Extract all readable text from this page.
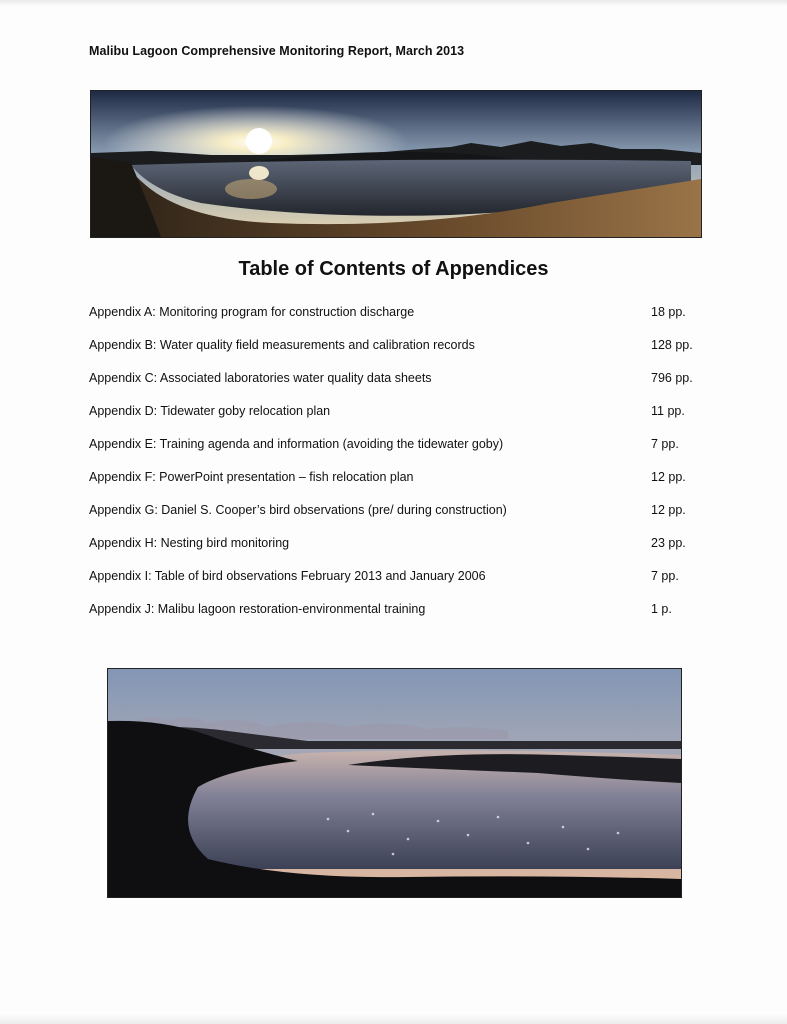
Malibu Lagoon Comprehensive Monitoring Report, March 2013
Table of Contents of Appendices
Appendix A: Monitoring program for construction discharge	18 pp.
Appendix B: Water quality field measurements and calibration records	128 pp.
Appendix C: Associated laboratories water quality data sheets	796 pp.
Appendix D: Tidewater goby relocation plan	11 pp.
Appendix E: Training agenda and information (avoiding the tidewater goby)	7 pp.
Appendix F: PowerPoint presentation – fish relocation plan	12 pp.
Appendix G: Daniel S. Cooper’s bird observations (pre/ during construction)	12 pp.
Appendix H: Nesting bird monitoring	23 pp.
Appendix I: Table of bird observations February 2013 and January 2006	7 pp.
Appendix J: Malibu lagoon restoration-environmental training	1 p.
